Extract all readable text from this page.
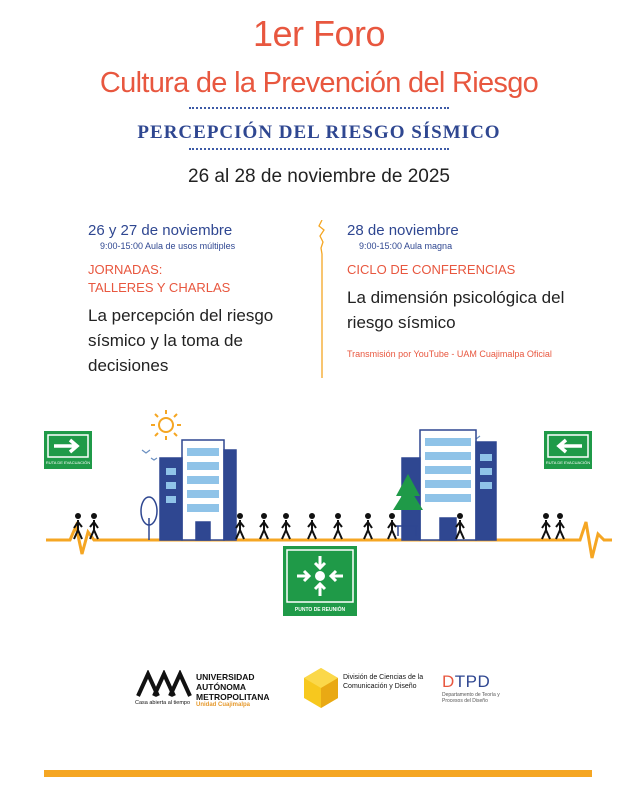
1er Foro
Cultura de la Prevención del Riesgo
PERCEPCIÓN DEL RIESGO SÍSMICO
26 al 28 de noviembre de 2025
26 y 27 de noviembre
9:00-15:00 Aula de usos múltiples
JORNADAS:
TALLERES Y CHARLAS
La percepción del riesgo sísmico y la toma de decisiones
28 de noviembre
9:00-15:00 Aula magna
CICLO DE CONFERENCIAS
La dimensión psicológica del riesgo sísmico
Transmisión por YouTube - UAM Cuajimalpa Oficial
RUTA DE EVACUACIÓN	RUTA DE EVACUACIÓN
PUNTO DE REUNIÓN
UNIVERSIDAD AUTÓNOMA METROPOLITANA
Unidad Cuajimalpa
Casa abierta al tiempo
División de Ciencias de la Comunicación y Diseño	DTPD
Departamento de Teoría y Procesos del Diseño
